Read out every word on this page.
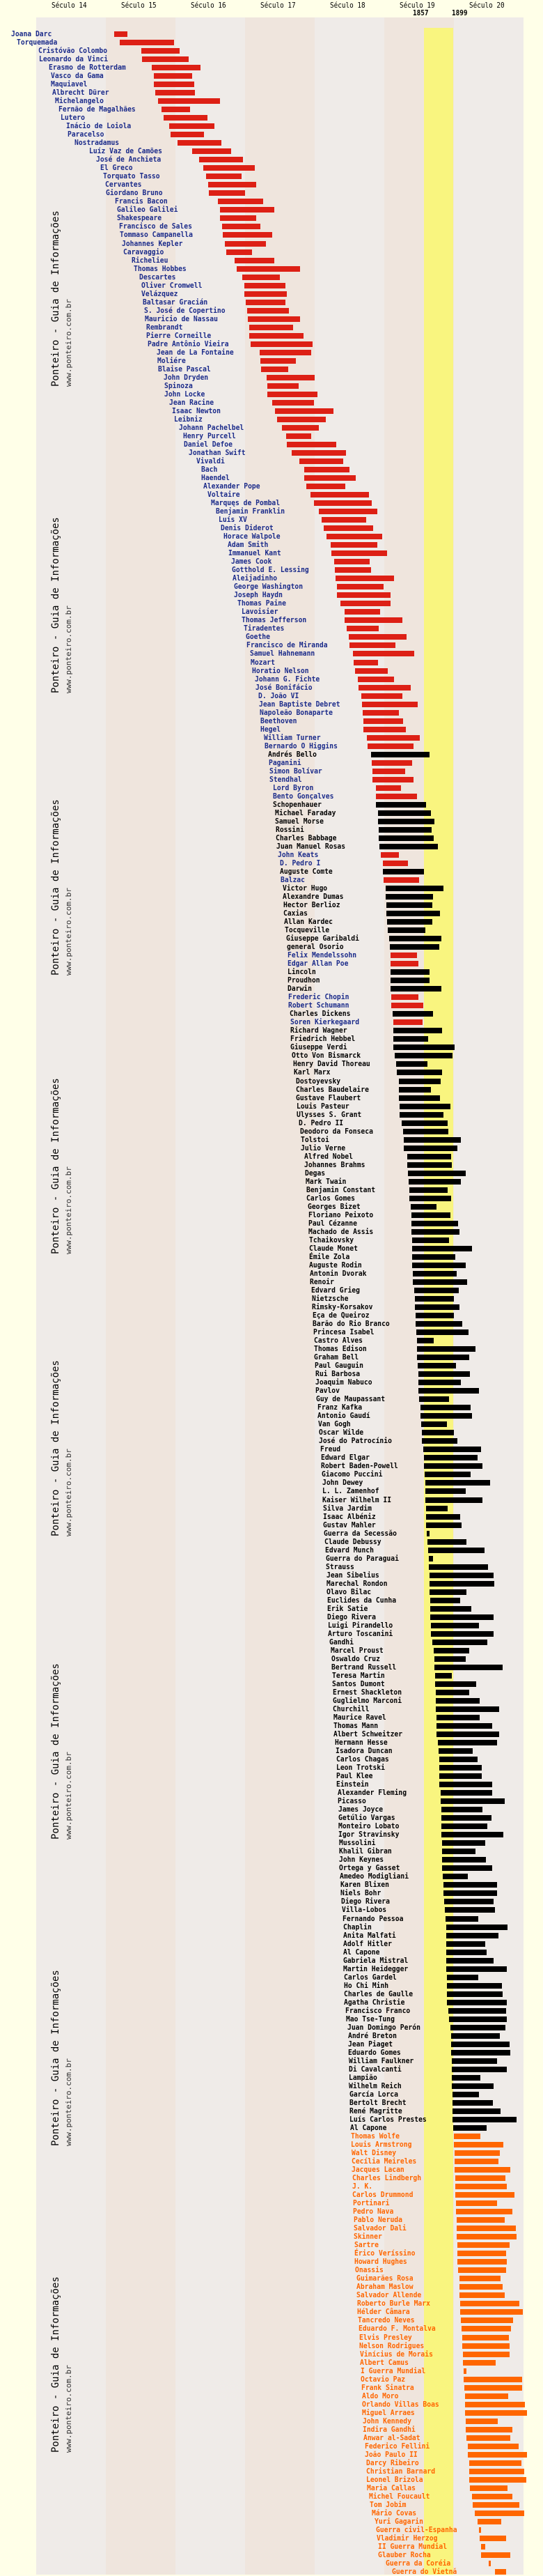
Século 14	Século 15	Século 16	Século 17	Século 18	Século 19	Século 20
1857	1899
Ponteiro - Guia de Informações www.ponteiro.com.br
Ponteiro - Guia de Informações www.ponteiro.com.br
Ponteiro - Guia de Informações www.ponteiro.com.br
Ponteiro - Guia de Informações www.ponteiro.com.br
Ponteiro - Guia de Informações www.ponteiro.com.br
Ponteiro - Guia de Informações www.ponteiro.com.br
Ponteiro - Guia de Informações www.ponteiro.com.br
Ponteiro - Guia de Informações www.ponteiro.com.br
Joana Darc
Torquemada
Cristóvão Colombo
Leonardo da Vinci
Erasmo de Rotterdam
Vasco da Gama
Maquiavel
Albrecht Dürer
Michelangelo
Fernão de Magalhães
Lutero
Inácio de Loiola
Paracelso
Nostradamus
Luíz Vaz de Camões
José de Anchieta
El Greco
Torquato Tasso
Cervantes
Giordano Bruno
Francis Bacon
Galileo Galilei
Shakespeare
Francisco de Sales
Tommaso Campanella
Johannes Kepler
Caravaggio
Richelieu
Thomas Hobbes
Descartes
Oliver Cromwell
Velázquez
Baltasar Gracián
S. José de Copertino
Mauricio de Nassau
Rembrandt
Pierre Corneille
Padre Antônio Vieira
Jean de La Fontaine
Moliére
Blaise Pascal
John Dryden
Spinoza
John Locke
Jean Racine
Isaac Newton
Leibniz
Johann Pachelbel
Henry Purcell
Daniel Defoe
Jonathan Swift
Vivaldi
Bach
Haendel
Alexander Pope
Voltaire
Marquęs de Pombal
Benjamin Franklin
Luís XV
Denis Diderot
Horace Walpole
Adam Smith
Immanuel Kant
James Cook
Gotthold E. Lessing
Aleijadinho
George Washington
Joseph Haydn
Thomas Paine
Lavoisier
Thomas Jefferson
Tiradentes
Goethe
Francisco de Miranda
Samuel Hahnemann
Mozart
Horatio Nelson
Johann G. Fichte
José Bonifácio
D. João VI
Jean Baptiste Debret
Napoleão Bonaparte
Beethoven
Hegel
William Turner
Bernardo O Higgins
Andrés Bello
Paganini
Simon Bolívar
Stendhal
Lord Byron
Bento Gonçalves
Schopenhauer
Michael Faraday
Samuel Morse
Rossini
Charles Babbage
Juan Manuel Rosas
John Keats
D. Pedro I
Auguste Comte
Balzac
Victor Hugo
Alexandre Dumas
Hector Berlioz
Caxias
Allan Kardec
Tocqueville
Giuseppe Garibaldi
general Osorio
Felix Mendelssohn
Edgar Allan Poe
Lincoln
Proudhon
Darwin
Frederic Chopin
Robert Schumann
Charles Dickens
Soren Kierkegaard
Richard Wagner
Friedrich Hebbel
Giuseppe Verdi
Otto Von Bismarck
Henry David Thoreau
Karl Marx
Dostoyevsky
Charles Baudelaire
Gustave Flaubert
Louis Pasteur
Ulysses S. Grant
D. Pedro II
Deodoro da Fonseca
Tolstoi
Julio Verne
Alfred Nobel
Johannes Brahms
Degas
Mark Twain
Benjamin Constant
Carlos Gomes
Georges Bizet
Floriano Peixoto
Paul Cézanne
Machado de Assis
Tchaikovsky
Claude Monet
Émile Zola
Auguste Rodin
Antonin Dvorak
Renoir
Edvard Grieg
Nietzsche
Rimsky-Korsakov
Eça de Queiroz
Barăo do Rio Branco
Princesa Isabel
Castro Alves
Thomas Edison
Graham Bell
Paul Gauguin
Rui Barbosa
Joaquim Nabuco
Pavlov
Guy de Maupassant
Franz Kafka
Antonio Gaudí
Van Gogh
Oscar Wilde
José do Patrocínio
Freud
Edward Elgar
Robert Baden-Powell
Giacomo Puccini
John Dewey
L. L. Zamenhof
Kaiser Wilhelm II
Silva Jardim
Isaac Albéniz
Gustav Mahler
Guerra da Secessăo
Claude Debussy
Edvard Munch
Guerra do Paraguai
Strauss
Jean Sibelius
Marechal Rondon
Olavo Bilac
Euclides da Cunha
Erik Satie
Diego Rivera
Luigi Pirandello
Arturo Toscanini
Gandhi
Marcel Proust
Oswaldo Cruz
Bertrand Russell
Teresa Martin
Santos Dumont
Ernest Shackleton
Guglielmo Marconi
Churchill
Maurice Ravel
Thomas Mann
Albert Schweitzer
Hermann Hesse
Isadora Duncan
Carlos Chagas
Leon Trotski
Paul Klee
Einstein
Alexander Fleming
Picasso
James Joyce
Getúlio Vargas
Monteiro Lobato
Igor Stravinsky
Mussolini
Khalil Gibran
John Keynes
Ortega y Gasset
Amedeo Modigliani
Karen Blixen
Niels Bohr
Diego Rivera
Villa-Lobos
Fernando Pessoa
Chaplin
Anita Malfati
Adolf Hitler
Al Capone
Gabriela Mistral
Martin Heidegger
Carlos Gardel
Ho Chi Minh
Charles de Gaulle
Agatha Christie
Francisco Franco
Mao Tse-Tung
Juan Domingo Perón
André Breton
Jean Piaget
Eduardo Gomes
William Faulkner
Di Cavalcanti
Lampiăo
Wilhelm Reich
García Lorca
Bertolt Brecht
René Magritte
Luís Carlos Prestes
Al Capone
Thomas Wolfe
Louis Armstrong
Walt Disney
Cecília Meireles
Jacques Lacan
Charles Lindbergh
J. K.
Carlos Drummond
Portinari
Pedro Nava
Pablo Neruda
Salvador Dali
Skinner
Sartre
Érico Veríssino
Howard Hughes
Onassis
Guimarăes Rosa
Abraham Maslow
Salvador Allende
Roberto Burle Marx
Hélder Câmara
Tancredo Neves
Eduardo F. Montalva
Elvis Presley
Nelson Rodrigues
Vinícius de Morais
Albert Camus
I Guerra Mundial
Octavio Paz
Frank Sinatra
Aldo Moro
Orlando Villas Boas
Miguel Arraes
John Kennedy
Indira Gandhi
Anwar al-Sadat
Federico Fellini
Joăo Paulo II
Darcy Ribeiro
Christian Barnard
Leonel Brizola
Maria Callas
Michel Foucault
Tom Jobim
Mário Covas
Yuri Gagarin
Guerra civil-Espanha
Vladimir Herzog
II Guerra Mundial
Glauber Rocha
Guerra da Coréia
Guerra do Vietnă
